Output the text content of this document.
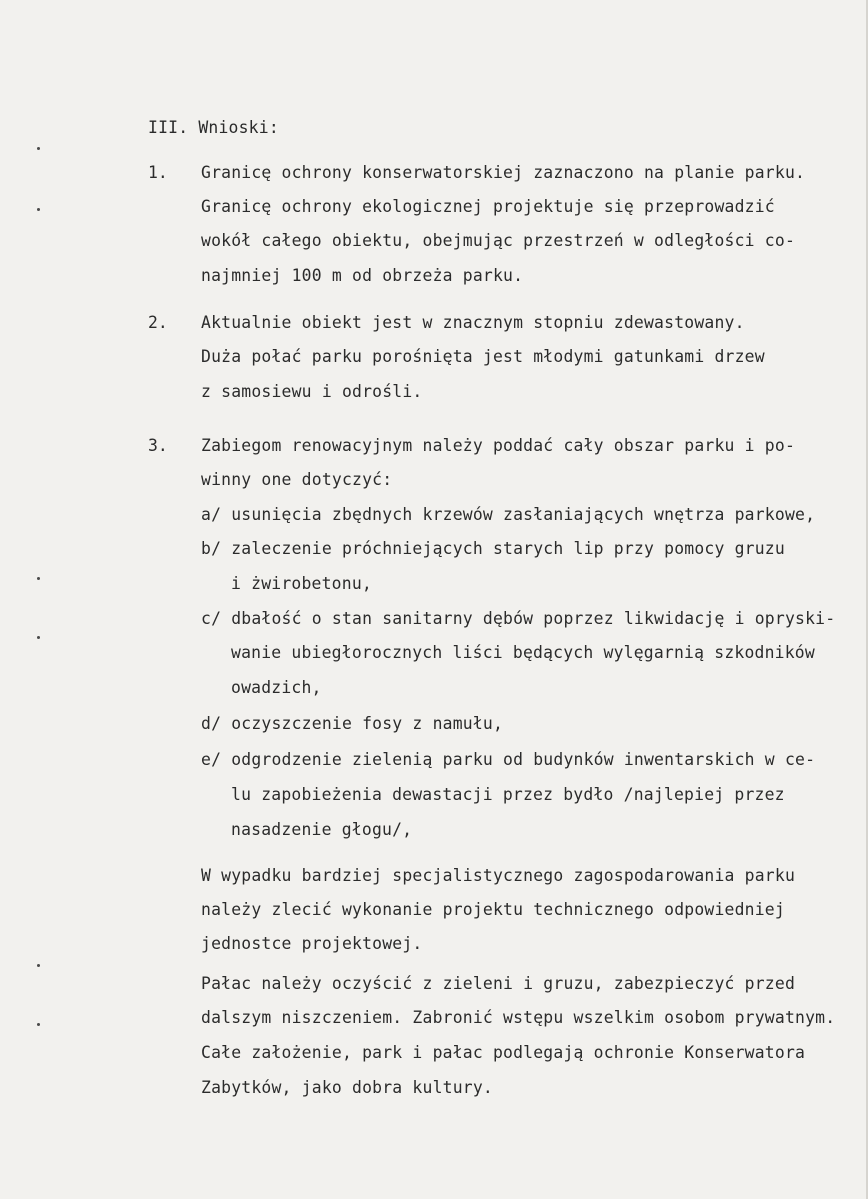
III. Wnioski:
1. Granicę ochrony konserwatorskiej zaznaczono na planie parku.
Granicę ochrony ekologicznej projektuje się przeprowadzić
wokół całego obiektu, obejmując przestrzeń w odległości co-
najmniej 100 m od obrzeża parku.
2. Aktualnie obiekt jest w znacznym stopniu zdewastowany.
Duża połać parku porośnięta jest młodymi gatunkami drzew
z samosiewu i odrośli.
3. Zabiegom renowacyjnym należy poddać cały obszar parku i po-
winny one dotyczyć:
a/ usunięcia zbędnych krzewów zasłaniających wnętrza parkowe,
b/ zaleczenie próchniejących starych lip przy pomocy gruzu
i żwirobetonu,
c/ dbałość o stan sanitarny dębów poprzez likwidację i opryski-
wanie ubiegłorocznych liści będących wylęgarnią szkodników
owadzich,
d/ oczyszczenie fosy z namułu,
e/ odgrodzenie zielenią parku od budynków inwentarskich w ce-
lu zapobieżenia dewastacji przez bydło /najlepiej przez
nasadzenie głogu/,
W wypadku bardziej specjalistycznego zagospodarowania parku
należy zlecić wykonanie projektu technicznego odpowiedniej
jednostce projektowej.
Pałac należy oczyścić z zieleni i gruzu, zabezpieczyć przed
dalszym niszczeniem. Zabronić wstępu wszelkim osobom prywatnym.
Całe założenie, park i pałac podlegają ochronie Konserwatora
Zabytków, jako dobra kultury.
